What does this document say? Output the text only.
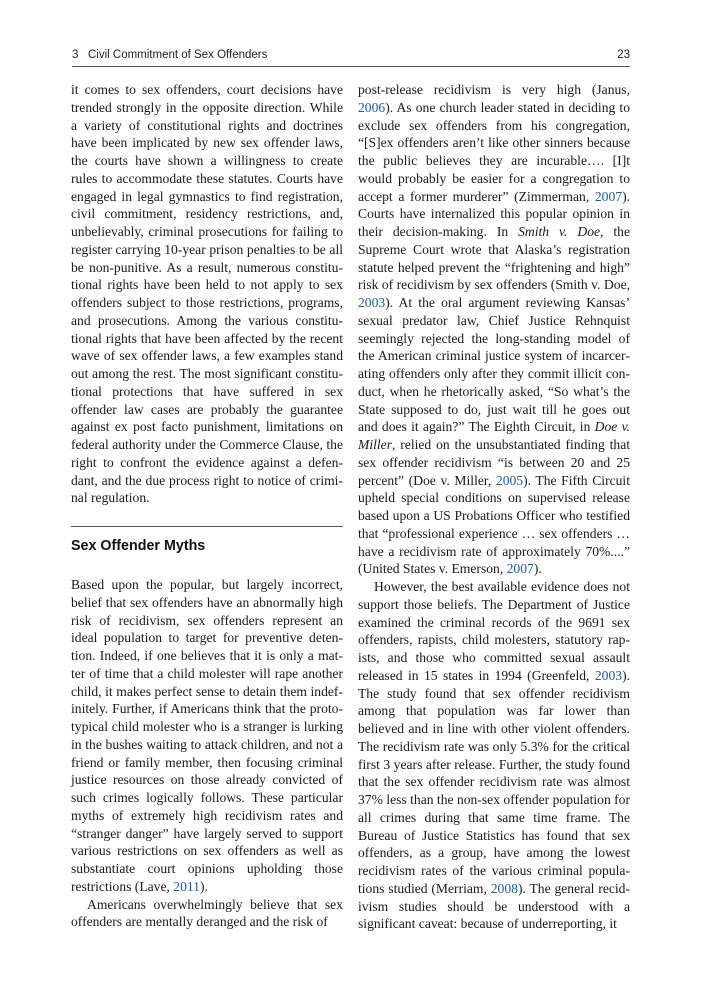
3   Civil Commitment of Sex Offenders	23

it comes to sex offenders, court decisions have trended strongly in the opposite direction. While a variety of constitutional rights and doctrines have been implicated by new sex offender laws, the courts have shown a willingness to create rules to accommodate these statutes. Courts have engaged in legal gymnastics to find registration, civil commitment, residency restrictions, and, unbelievably, criminal prosecutions for failing to register carrying 10-year prison penalties to be all be non-punitive. As a result, numerous constitutional rights have been held to not apply to sex offenders subject to those restrictions, programs, and prosecutions. Among the various constitutional rights that have been affected by the recent wave of sex offender laws, a few examples stand out among the rest. The most significant constitutional protections that have suffered in sex offender law cases are probably the guarantee against ex post facto punishment, limitations on federal authority under the Commerce Clause, the right to confront the evidence against a defendant, and the due process right to notice of criminal regulation.

Sex Offender Myths

Based upon the popular, but largely incorrect, belief that sex offenders have an abnormally high risk of recidivism, sex offenders represent an ideal population to target for preventive detention. Indeed, if one believes that it is only a matter of time that a child molester will rape another child, it makes perfect sense to detain them indefinitely. Further, if Americans think that the prototypical child molester who is a stranger is lurking in the bushes waiting to attack children, and not a friend or family member, then focusing criminal justice resources on those already convicted of such crimes logically follows. These particular myths of extremely high recidivism rates and “stranger danger” have largely served to support various restrictions on sex offenders as well as substantiate court opinions upholding those restrictions (Lave, 2011).

Americans overwhelmingly believe that sex offenders are mentally deranged and the risk of

post-release recidivism is very high (Janus, 2006). As one church leader stated in deciding to exclude sex offenders from his congregation, “[S]ex offenders aren’t like other sinners because the public believes they are incurable…. [I]t would probably be easier for a congregation to accept a former murderer” (Zimmerman, 2007). Courts have internalized this popular opinion in their decision-making. In Smith v. Doe, the Supreme Court wrote that Alaska’s registration statute helped prevent the “frightening and high” risk of recidivism by sex offenders (Smith v. Doe, 2003). At the oral argument reviewing Kansas’ sexual predator law, Chief Justice Rehnquist seemingly rejected the long-standing model of the American criminal justice system of incarcerating offenders only after they commit illicit conduct, when he rhetorically asked, “So what’s the State supposed to do, just wait till he goes out and does it again?” The Eighth Circuit, in Doe v. Miller, relied on the unsubstantiated finding that sex offender recidivism “is between 20 and 25 percent” (Doe v. Miller, 2005). The Fifth Circuit upheld special conditions on supervised release based upon a US Probations Officer who testified that “professional experience … sex offenders … have a recidivism rate of approximately 70%....” (United States v. Emerson, 2007).

However, the best available evidence does not support those beliefs. The Department of Justice examined the criminal records of the 9691 sex offenders, rapists, child molesters, statutory rapists, and those who committed sexual assault released in 15 states in 1994 (Greenfeld, 2003). The study found that sex offender recidivism among that population was far lower than believed and in line with other violent offenders. The recidivism rate was only 5.3% for the critical first 3 years after release. Further, the study found that the sex offender recidivism rate was almost 37% less than the non-sex offender population for all crimes during that same time frame. The Bureau of Justice Statistics has found that sex offenders, as a group, have among the lowest recidivism rates of the various criminal populations studied (Merriam, 2008). The general recidivism studies should be understood with a significant caveat: because of underreporting, it
